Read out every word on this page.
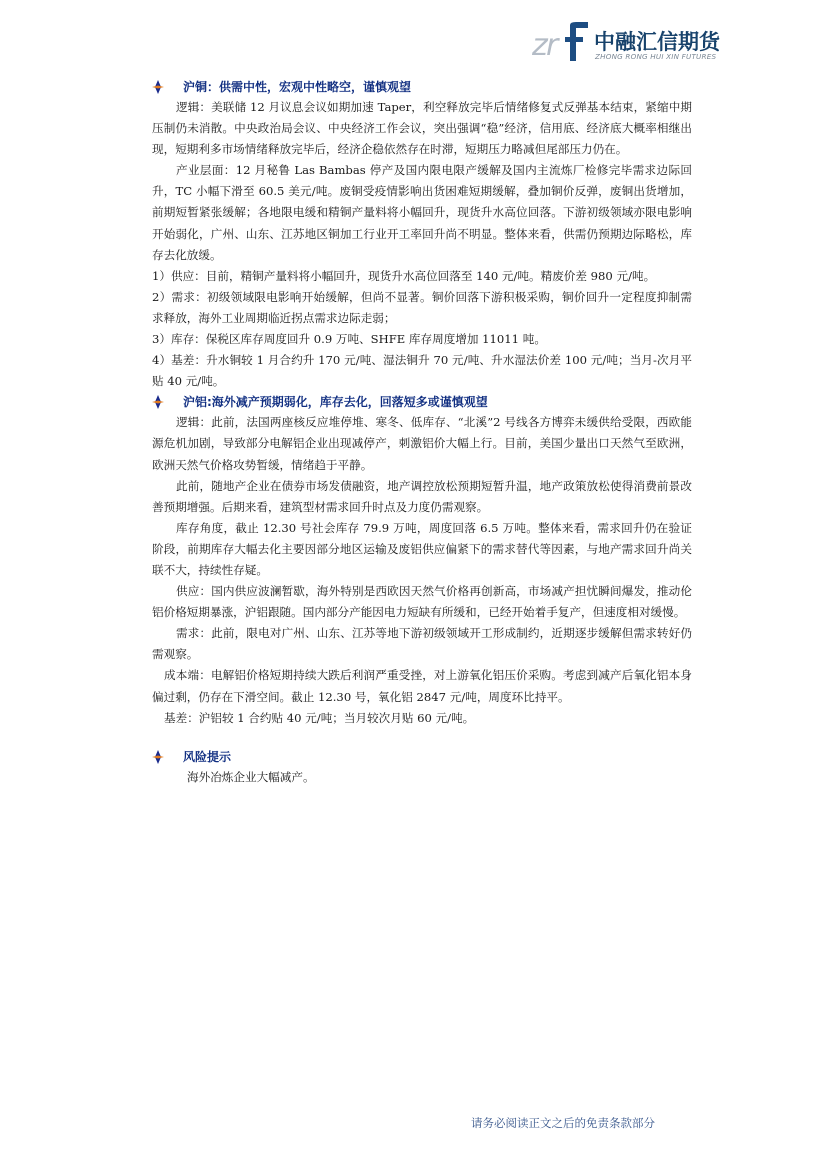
z
r 中融汇信期货
ZHONG RONG HUI XIN FUTURES
沪铜：供需中性，宏观中性略空，谨慎观望

逻辑：美联储 12 月议息会议如期加速 Taper，利空释放完毕后情绪修复式反弹基本结束，紧缩中期压制仍未消散。中央政治局会议、中央经济工作会议，突出强调“稳”经济，信用底、经济底大概率相继出现，短期利多市场情绪释放完毕后，经济企稳依然存在时滞，短期压力略减但尾部压力仍在。

产业层面：12 月秘鲁 Las Bambas 停产及国内限电限产缓解及国内主流炼厂检修完毕需求边际回升，TC 小幅下滑至 60.5 美元/吨。废铜受疫情影响出货困难短期缓解，叠加铜价反弹，废铜出货增加，前期短暂紧张缓解；各地限电缓和精铜产量料将小幅回升，现货升水高位回落。下游初级领域亦限电影响开始弱化，广州、山东、江苏地区铜加工行业开工率回升尚不明显。整体来看，供需仍预期边际略松，库存去化放缓。

1）供应：目前，精铜产量料将小幅回升，现货升水高位回落至 140 元/吨。精废价差 980 元/吨。

2）需求：初级领域限电影响开始缓解，但尚不显著。铜价回落下游积极采购，铜价回升一定程度抑制需求释放，海外工业周期临近拐点需求边际走弱；

3）库存：保税区库存周度回升 0.9 万吨、SHFE 库存周度增加 11011 吨。

4）基差：升水铜较 1 月合约升 170 元/吨、湿法铜升 70 元/吨、升水湿法价差 100 元/吨；当月-次月平贴 40 元/吨。

沪铝:海外减产预期弱化，库存去化，回落短多或谨慎观望

逻辑：此前，法国两座核反应堆停堆、寒冬、低库存、“北溪”2 号线各方博弈未缓供给受限，西欧能源危机加剧，导致部分电解铝企业出现减停产，刺激铝价大幅上行。目前，美国少量出口天然气至欧洲，欧洲天然气价格攻势暂缓，情绪趋于平静。

此前，随地产企业在债券市场发债融资，地产调控放松预期短暂升温，地产政策放松使得消费前景改善预期增强。后期来看，建筑型材需求回升时点及力度仍需观察。

库存角度，截止 12.30 号社会库存 79.9 万吨，周度回落 6.5 万吨。整体来看，需求回升仍在验证阶段，前期库存大幅去化主要因部分地区运输及废铝供应偏紧下的需求替代等因素，与地产需求回升尚关联不大，持续性存疑。

供应：国内供应波澜暂歇，海外特别是西欧因天然气价格再创新高，市场减产担忧瞬间爆发，推动伦铝价格短期暴涨，沪铝跟随。国内部分产能因电力短缺有所缓和，已经开始着手复产，但速度相对缓慢。

需求：此前，限电对广州、山东、江苏等地下游初级领域开工形成制约，近期逐步缓解但需求转好仍需观察。

成本端：电解铝价格短期持续大跌后利润严重受挫，对上游氧化铝压价采购。考虑到减产后氧化铝本身偏过剩，仍存在下滑空间。截止 12.30 号，氧化铝 2847 元/吨，周度环比持平。

基差：沪铝较 1 合约贴 40 元/吨；当月较次月贴 60 元/吨。

风险提示
海外冶炼企业大幅减产。
请务必阅读正文之后的免责条款部分
